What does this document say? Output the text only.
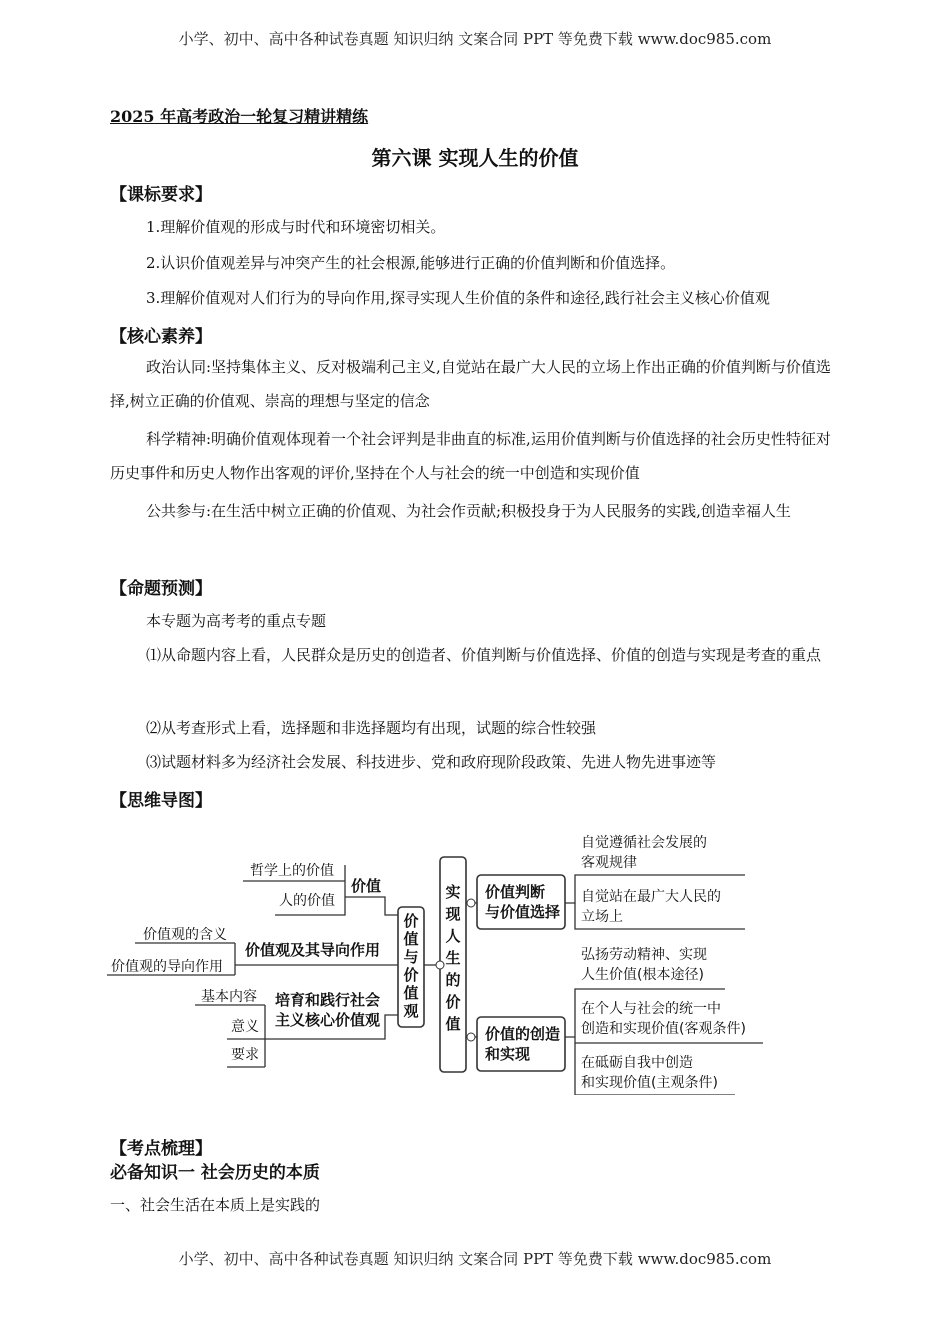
小学、初中、高中各种试卷真题 知识归纳 文案合同 PPT 等免费下载 www.doc985.com
2025 年高考政治一轮复习精讲精练
第六课 实现人生的价值
【课标要求】
1.理解价值观的形成与时代和环境密切相关。
2.认识价值观差异与冲突产生的社会根源,能够进行正确的价值判断和价值选择。
3.理解价值观对人们行为的导向作用,探寻实现人生价值的条件和途径,践行社会主义核心价值观
【核心素养】
政治认同:坚持集体主义、反对极端利己主义,自觉站在最广大人民的立场上作出正确的价值判断与价值选择,树立正确的价值观、崇高的理想与坚定的信念
科学精神:明确价值观体现着一个社会评判是非曲直的标准,运用价值判断与价值选择的社会历史性特征对历史事件和历史人物作出客观的评价,坚持在个人与社会的统一中创造和实现价值
公共参与:在生活中树立正确的价值观、为社会作贡献;积极投身于为人民服务的实践,创造幸福人生
【命题预测】
本专题为高考考的重点专题
⑴从命题内容上看，人民群众是历史的创造者、价值判断与价值选择、价值的创造与实现是考查的重点
⑵从考查形式上看，选择题和非选择题均有出现，试题的综合性较强
⑶试题材料多为经济社会发展、科技进步、党和政府现阶段政策、先进人物先进事迹等
【思维导图】
实
现
人
生
的
价
值
价
值
与
价
值
观
价值
哲学上的价值
人的价值
价值观及其导向作用
价值观的含义
价值观的导向作用
培育和践行社会
主义核心价值观
基本内容
意义
要求
价值判断
与价值选择
自觉遵循社会发展的
客观规律
自觉站在最广大人民的
立场上
价值的创造
和实现
弘扬劳动精神、实现
人生价值(根本途径)
在个人与社会的统一中
创造和实现价值(客观条件)
在砥砺自我中创造
和实现价值(主观条件)
【考点梳理】
必备知识一 社会历史的本质
一、社会生活在本质上是实践的
小学、初中、高中各种试卷真题 知识归纳 文案合同 PPT 等免费下载 www.doc985.com
